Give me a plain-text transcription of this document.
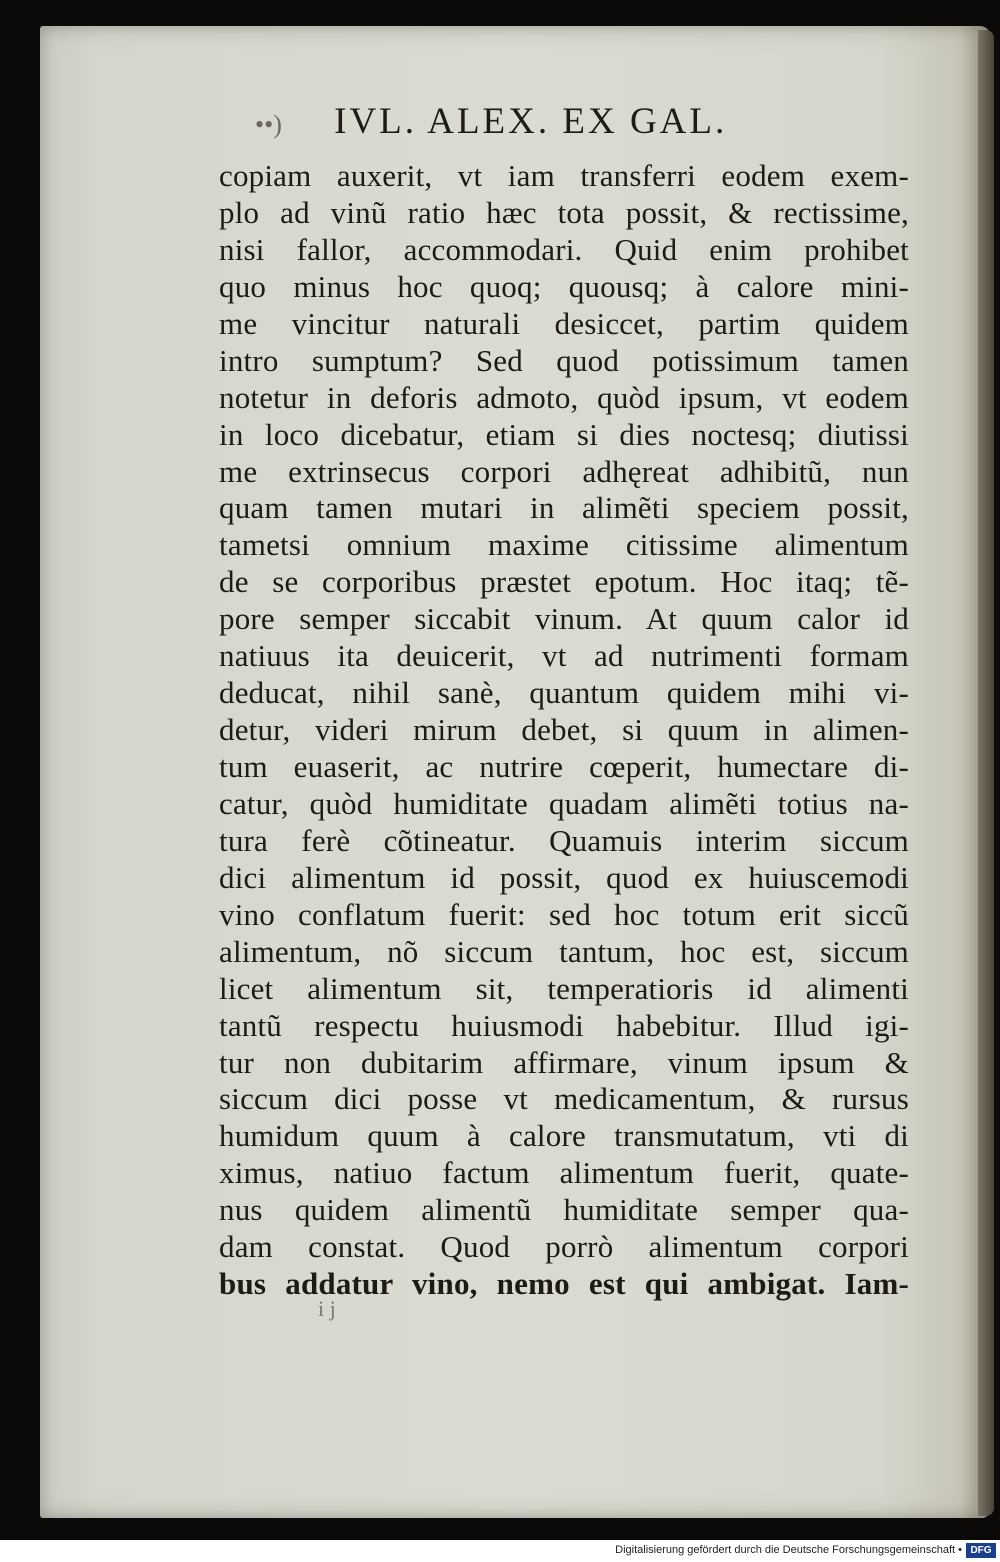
••) IVL. ALEX. EX GAL.
copiam auxerit, vt iam transferri eodem exem-
plo ad vinũ ratio hæc tota possit, & rectissime,
nisi fallor, accommodari. Quid enim prohibet
quo minus hoc quoq; quousq; à calore mini-
me vincitur naturali desiccet, partim quidem
intro sumptum? Sed quod potissimum tamen
notetur in deforis admoto, quòd ipsum, vt eodem
in loco dicebatur, etiam si dies noctesq; diutissi
me extrinsecus corpori adhęreat adhibitũ, nun
quam tamen mutari in alimẽti speciem possit,
tametsi omnium maxime citissime alimentum
de se corporibus præstet epotum. Hoc itaq; tẽ-
pore semper siccabit vinum. At quum calor id
natiuus ita deuicerit, vt ad nutrimenti formam
deducat, nihil sanè, quantum quidem mihi vi-
detur, videri mirum debet, si quum in alimen-
tum euaserit, ac nutrire cœperit, humectare di-
catur, quòd humiditate quadam alimẽti totius na-
tura ferè cõtineatur. Quamuis interim siccum
dici alimentum id possit, quod ex huiuscemodi
vino conflatum fuerit: sed hoc totum erit siccũ
alimentum, nõ siccum tantum, hoc est, siccum
licet alimentum sit, temperatioris id alimenti
tantũ respectu huiusmodi habebitur. Illud igi-
tur non dubitarim affirmare, vinum ipsum &
siccum dici posse vt medicamentum, & rursus
humidum quum à calore transmutatum, vti di
ximus, natiuo factum alimentum fuerit, quate-
nus quidem alimentũ humiditate semper qua-
dam constat. Quod porrò alimentum corpori
bus addatur vino, nemo est qui ambigat. Iam-
i j
Digitalisierung gefördert durch die Deutsche Forschungsgemeinschaft • DFG
